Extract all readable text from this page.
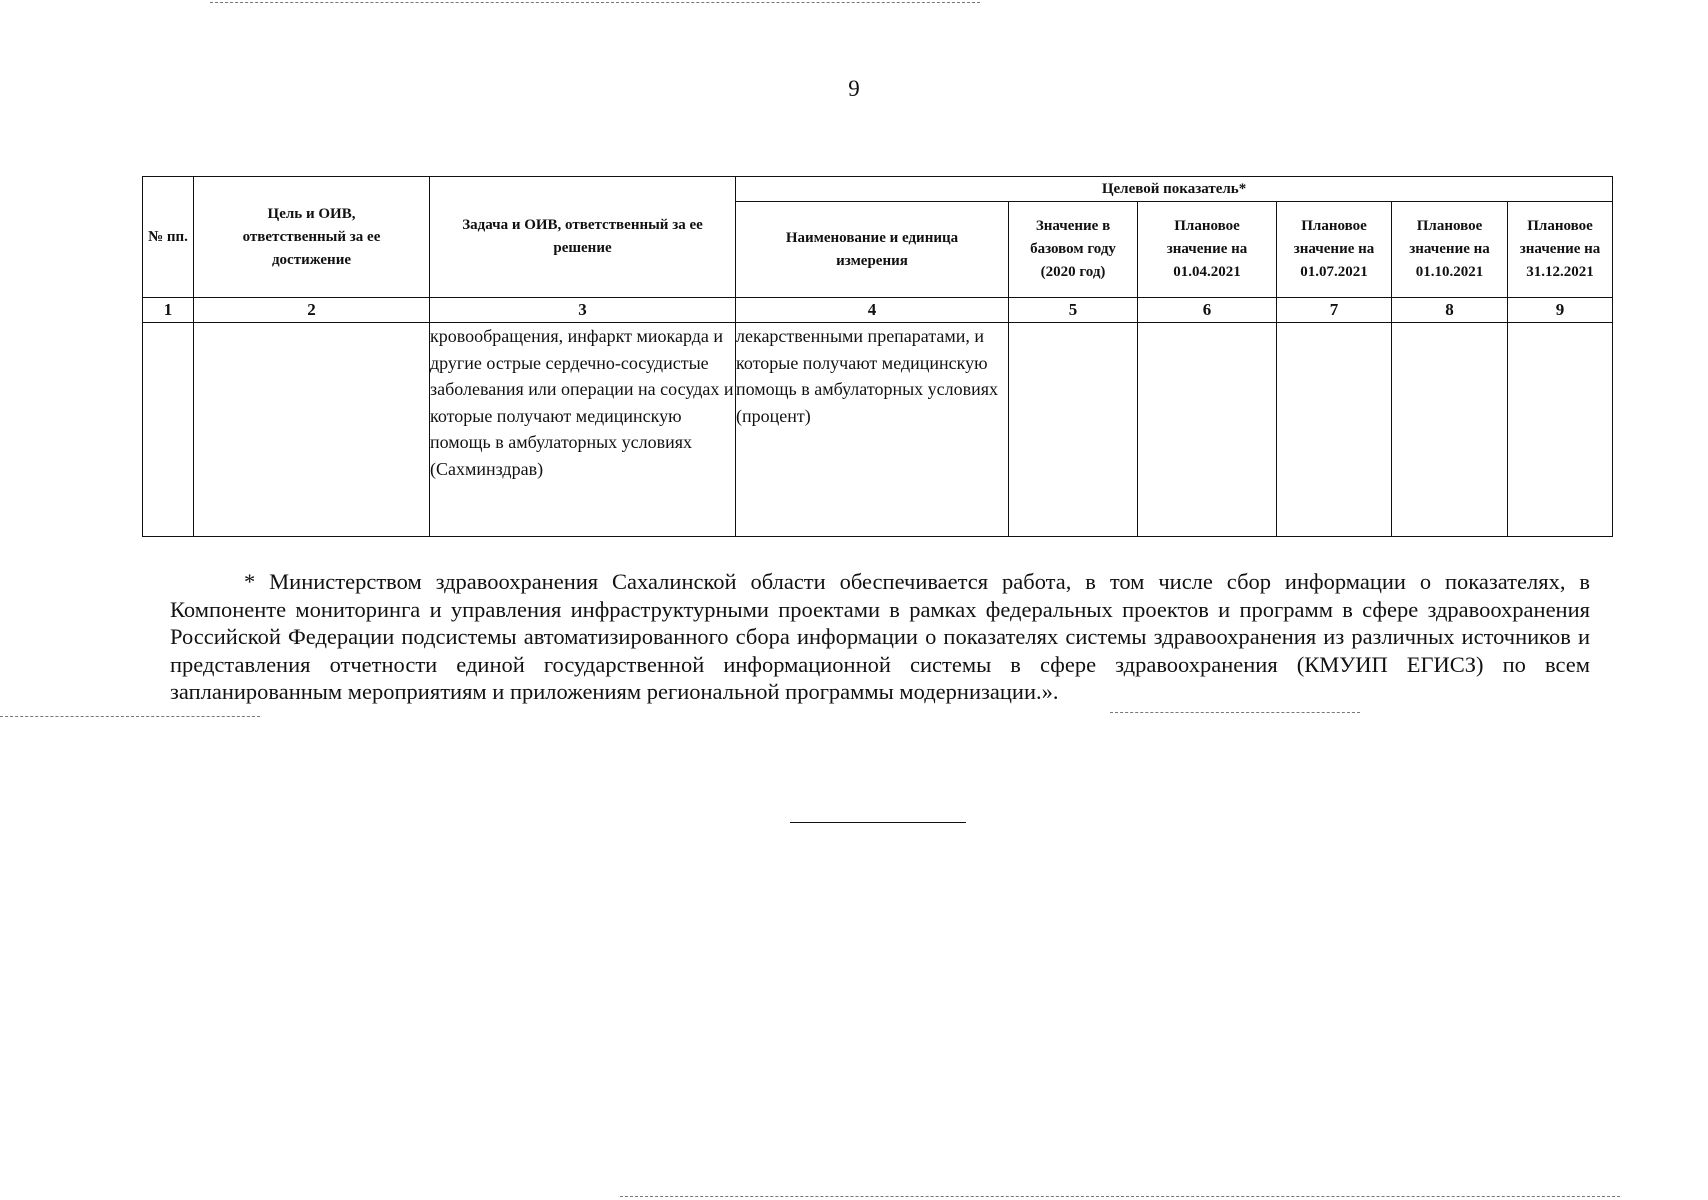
9
№ пп.	Цель и ОИВ, ответственный за ее достижение	Задача и ОИВ, ответственный за ее решение	Целевой показатель*					
			Наименование и единица измерения	Значение в базовом году (2020 год)	Плановое значение на 01.04.2021	Плановое значение на 01.07.2021	Плановое значение на 01.10.2021	Плановое значение на 31.12.2021
1	2	3	4	5	6	7	8	9
		кровообращения, инфаркт миокарда и другие острые сердечно-сосудистые заболевания или операции на сосудах и которые получают медицинскую помощь в амбулаторных условиях (Сахминздрав)	лекарственными препаратами, и которые получают медицинскую помощь в амбулаторных условиях (процент)					

* Министерством здравоохранения Сахалинской области обеспечивается работа, в том числе сбор информации о показателях, в Компоненте мониторинга и управления инфраструктурными проектами в рамках федеральных проектов и программ в сфере здравоохранения Российской Федерации подсистемы автоматизированного сбора информации о показателях системы здравоохранения из различных источников и представления отчетности единой государственной информационной системы в сфере здравоохранения (КМУИП ЕГИСЗ) по всем запланированным мероприятиям и приложениям региональной программы модернизации.».
